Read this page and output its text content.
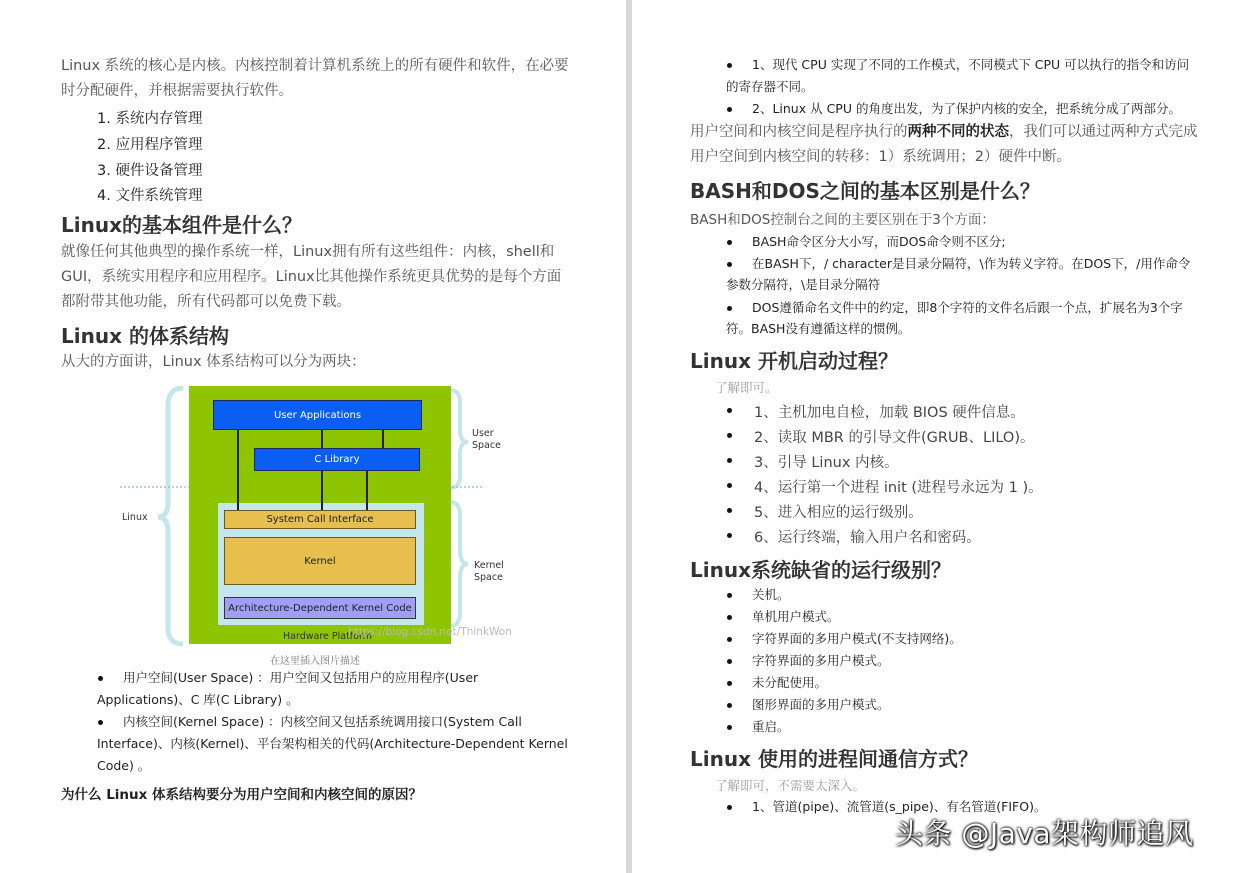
Linux 系统的核心是内核。内核控制着计算机系统上的所有硬件和软件，在必要
时分配硬件，并根据需要执行软件。
1. 系统内存管理
2. 应用程序管理
3. 硬件设备管理
4. 文件系统管理
Linux的基本组件是什么？
就像任何其他典型的操作系统一样，Linux拥有所有这些组件：内核，shell和
GUI，系统实用程序和应用程序。Linux比其他操作系统更具优势的是每个方面
都附带其他功能，所有代码都可以免费下载。
Linux 的体系结构
从大的方面讲，Linux 体系结构可以分为两块：
User Applications
C Library
System Call Interface
Kernel
Architecture-Dependent Kernel Code
Hardware Platform
https://blog.csdn.net/ThinkWon
User
Space
Linux
Kernel
Space
在这里插入图片描述
用户空间(User Space) ：用户空间又包括用户的应用程序(User
Applications)、C 库(C Library) 。
内核空间(Kernel Space) ：内核空间又包括系统调用接口(System Call
Interface)、内核(Kernel)、平台架构相关的代码(Architecture-Dependent Kernel
Code) 。
为什么 Linux 体系结构要分为用户空间和内核空间的原因？
1、现代 CPU 实现了不同的工作模式，不同模式下 CPU 可以执行的指令和访问
的寄存器不同。
2、Linux 从 CPU 的角度出发，为了保护内核的安全，把系统分成了两部分。
用户空间和内核空间是程序执行的两种不同的状态，我们可以通过两种方式完成
用户空间到内核空间的转移：1）系统调用；2）硬件中断。
BASH和DOS之间的基本区别是什么？
BASH和DOS控制台之间的主要区别在于3个方面：
BASH命令区分大小写，而DOS命令则不区分;
在BASH下，/ character是目录分隔符，\作为转义字符。在DOS下，/用作命令
参数分隔符，\是目录分隔符
DOS遵循命名文件中的约定，即8个字符的文件名后跟一个点，扩展名为3个字
符。BASH没有遵循这样的惯例。
Linux 开机启动过程？
了解即可。
1、主机加电自检，加载 BIOS 硬件信息。
2、读取 MBR 的引导文件(GRUB、LILO)。
3、引导 Linux 内核。
4、运行第一个进程 init (进程号永远为 1 )。
5、进入相应的运行级别。
6、运行终端，输入用户名和密码。
Linux系统缺省的运行级别？
关机。
单机用户模式。
字符界面的多用户模式(不支持网络)。
字符界面的多用户模式。
未分配使用。
图形界面的多用户模式。
重启。
Linux 使用的进程间通信方式？
了解即可，不需要太深入。
1、管道(pipe)、流管道(s_pipe)、有名管道(FIFO)。
头条 @Java架构师追风
